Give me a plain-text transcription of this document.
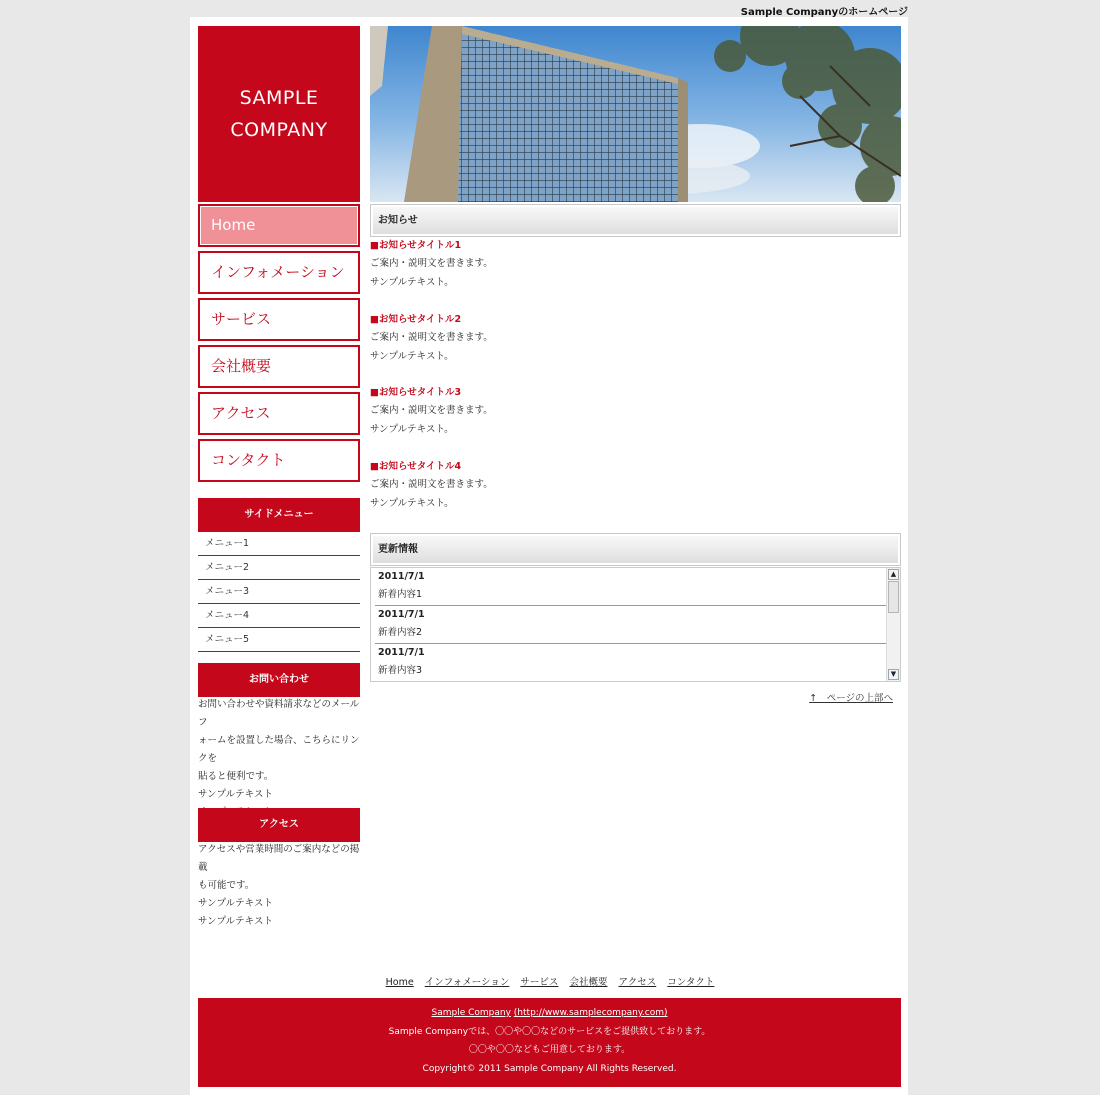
Sample Companyのホームページ
SAMPLE
COMPANY
Home
インフォメーション
サービス
会社概要
アクセス
コンタクト
サイドメニュー
メニュー1
メニュー2
メニュー3
メニュー4
メニュー5
お問い合わせ
お問い合わせや資料請求などのメールフ
ォームを設置した場合、こちらにリンクを
貼ると便利です。
サンプルテキスト
アクセス
アクセスや営業時間のご案内などの掲載
も可能です。
サンプルテキスト
サンプルテキスト
お知らせ
■お知らせタイトル1
ご案内・説明文を書きます。
サンプルテキスト。
■お知らせタイトル2
ご案内・説明文を書きます。
サンプルテキスト。
■お知らせタイトル3
ご案内・説明文を書きます。
サンプルテキスト。
■お知らせタイトル4
ご案内・説明文を書きます。
サンプルテキスト。
更新情報
2011/7/1
新着内容1
2011/7/1
新着内容2
2011/7/1
新着内容3
▲
▼
↑　ページの上部へ
Home インフォメーション サービス 会社概要 アクセス コンタクト
Sample Company (http://www.samplecompany.com)
Sample Companyでは、〇〇や〇〇などのサービスをご提供致しております。
〇〇や〇〇などもご用意しております。
Copyright© 2011 Sample Company All Rights Reserved.
